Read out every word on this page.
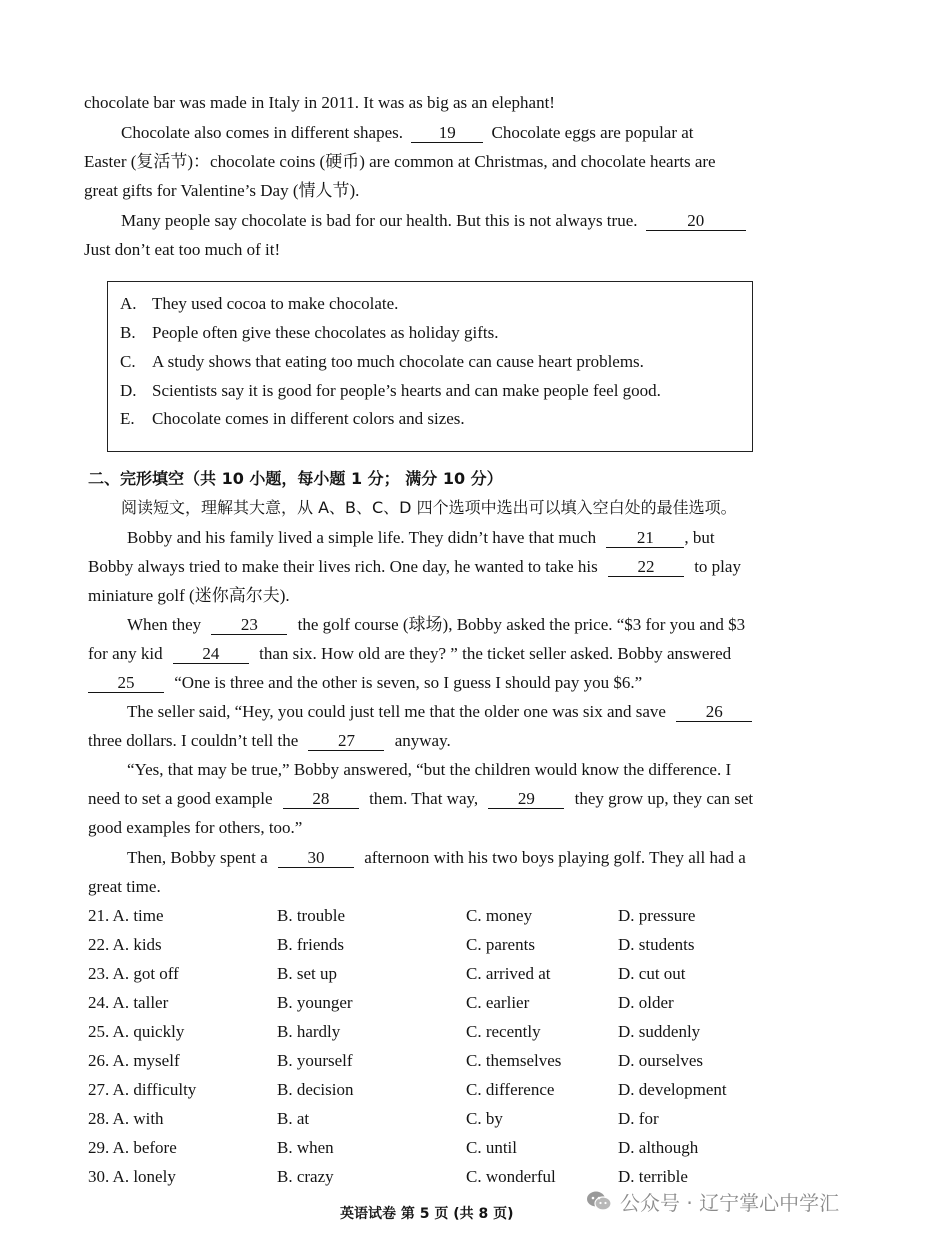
chocolate bar was made in Italy in 2011. It was as big as an elephant!
Chocolate also comes in different shapes. 19 Chocolate eggs are popular at
Easter (复活节)：chocolate coins (硬币) are common at Christmas, and chocolate hearts are
great gifts for Valentine’s Day (情人节).
Many people say chocolate is bad for our health. But this is not always true.	20
Just don’t eat too much of it!
A. They used cocoa to make chocolate.
B. People often give these chocolates as holiday gifts.
C. A study shows that eating too much chocolate can cause heart problems.
D. Scientists say it is good for people’s hearts and can make people feel good.
E. Chocolate comes in different colors and sizes.
二、完形填空（共 10 小题，每小题 1 分； 满分 10 分）
阅读短文，理解其大意，从 A、B、C、D 四个选项中选出可以填入空白处的最佳选项。
Bobby and his family lived a simple life. They didn’t have that much 21 , but
Bobby always tried to make their lives rich. One day, he wanted to take his 22 to play
miniature golf (迷你高尔夫).
When they 23 the golf course (球场), Bobby asked the price. “$3 for you and $3
for any kid 24 than six. How old are they? ” the ticket seller asked. Bobby answered
25 “One is three and the other is seven, so I guess I should pay you $6.”
The seller said, “Hey, you could just tell me that the older one was six and save 26
three dollars. I couldn’t tell the 27 anyway.
“Yes, that may be true,” Bobby answered, “but the children would know the difference. I
need to set a good example 28 them. That way, 29 they grow up, they can set
good examples for others, too.”
Then, Bobby spent a 30 afternoon with his two boys playing golf. They all had a
great time.
21. A. time	B. trouble	C. money	D. pressure
22. A. kids	B. friends	C. parents	D. students
23. A. got off	B. set up	C. arrived at	D. cut out
24. A. taller	B. younger	C. earlier	D. older
25. A. quickly	B. hardly	C. recently	D. suddenly
26. A. myself	B. yourself	C. themselves	D. ourselves
27. A. difficulty	B. decision	C. difference	D. development
28. A. with	B. at	C. by	D. for
29. A. before	B. when	C. until	D. although
30. A. lonely	B. crazy	C. wonderful	D. terrible
英语试卷 第 5 页 (共 8 页)	公众号 · 辽宁掌心中学汇
